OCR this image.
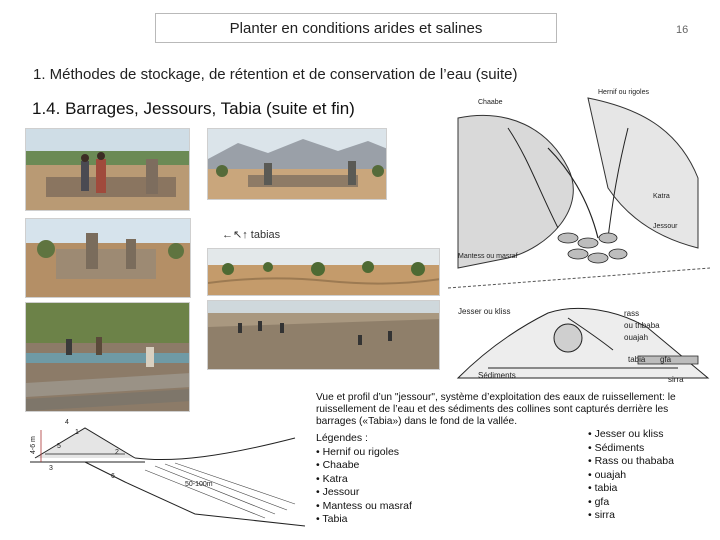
Planter en conditions arides et salines	16
1. Méthodes de stockage, de rétention et de conservation de l’eau (suite)
1.4. Barrages, Jessours, Tabia (suite et fin)
←↖↑ tabias
Chaabe
Hernif ou rigoles
Katra
Jessour
Mantess ou masraf
Jesser ou kliss	rass
ou thbaba
ouajah
tabia gfa
Sédiments	sirra
4-6 m
50-100m
1
2
3
4
5
6

Vue et profil d’un "jessour", système d’exploitation des eaux de ruissellement: le ruissellement de l’eau et des sédiments des collines sont capturés derrière les barrages («Tabia») dans le fond de la vallée.

Légendes :
• Hernif ou rigoles
• Chaabe
• Katra
• Jessour
• Mantess ou masraf
• Tabia
• Jesser ou kliss
• Sédiments
• Rass ou thababa
• ouajah
• tabia
• gfa
• sirra
